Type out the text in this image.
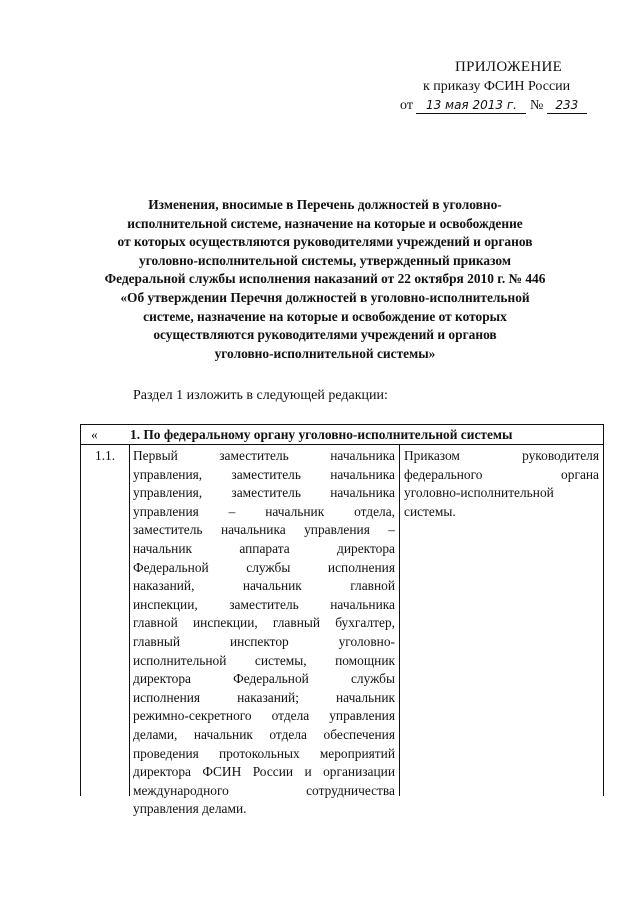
ПРИЛОЖЕНИЕ
к приказу ФСИН России
от 13 мая 2013 г. № 233
Изменения, вносимые в Перечень должностей в уголовно-
исполнительной системе, назначение на которые и освобождение
от которых осуществляются руководителями учреждений и органов
уголовно-исполнительной системы, утвержденный приказом
Федеральной службы исполнения наказаний от 22 октября 2010 г. № 446
«Об утверждении Перечня должностей в уголовно-исполнительной
системе, назначение на которые и освобождение от которых
осуществляются руководителями учреждений и органов
уголовно-исполнительной системы»
Раздел 1 изложить в следующей редакции:
« 1. По федеральному органу уголовно-исполнительной системы
1.1. Первый заместитель начальника
управления, заместитель начальника
управления, заместитель начальника
управления – начальник отдела,
заместитель начальника управления –
начальник аппарата директора
Федеральной службы исполнения
наказаний, начальник главной
инспекции, заместитель начальника
главной инспекции, главный бухгалтер,
главный инспектор уголовно-
исполнительной системы, помощник
директора Федеральной службы
исполнения наказаний; начальник
режимно-секретного отдела управления
делами, начальник отдела обеспечения
проведения протокольных мероприятий
директора ФСИН России и организации
международного сотрудничества
управления делами.
Приказом руководителя
федерального органа
уголовно-исполнительной
системы.
